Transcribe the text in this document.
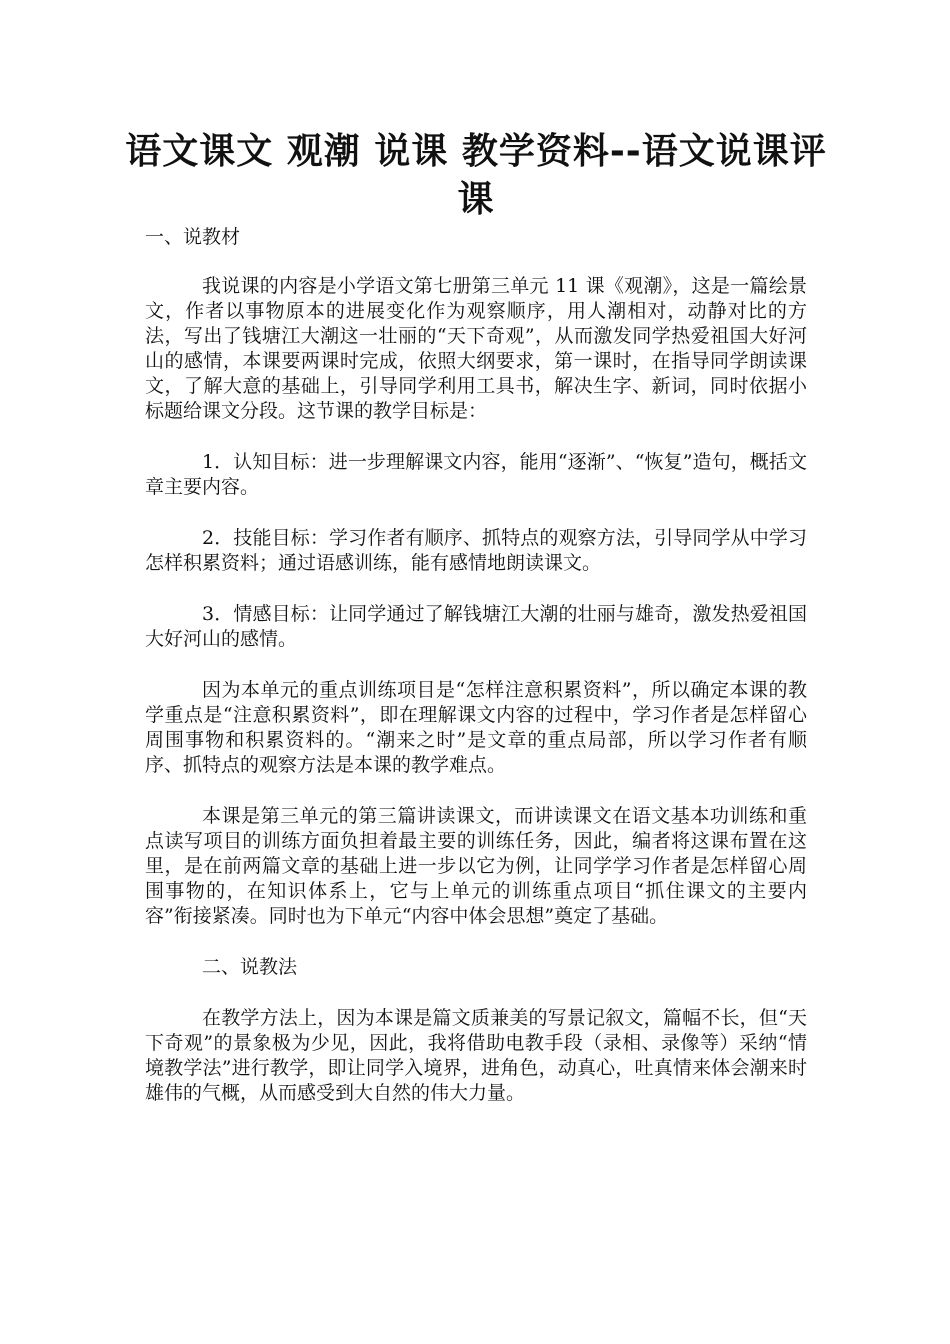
语文课文 观潮 说课 教学资料--语文说课评课
一、说教材

我说课的内容是小学语文第七册第三单元 11 课《观潮》，这是一篇绘景文，作者以事物原本的进展变化作为观察顺序，用人潮相对，动静对比的方法，写出了钱塘江大潮这一壮丽的“天下奇观”，从而激发同学热爱祖国大好河山的感情，本课要两课时完成，依照大纲要求，第一课时，在指导同学朗读课文，了解大意的基础上，引导同学利用工具书，解决生字、新词，同时依据小标题给课文分段。这节课的教学目标是：

1．认知目标：进一步理解课文内容，能用“逐渐”、“恢复”造句，概括文章主要内容。

2．技能目标：学习作者有顺序、抓特点的观察方法，引导同学从中学习怎样积累资料；通过语感训练，能有感情地朗读课文。

3．情感目标：让同学通过了解钱塘江大潮的壮丽与雄奇，激发热爱祖国大好河山的感情。

因为本单元的重点训练项目是“怎样注意积累资料”，所以确定本课的教学重点是“注意积累资料”，即在理解课文内容的过程中，学习作者是怎样留心周围事物和积累资料的。“潮来之时”是文章的重点局部，所以学习作者有顺序、抓特点的观察方法是本课的教学难点。

本课是第三单元的第三篇讲读课文，而讲读课文在语文基本功训练和重点读写项目的训练方面负担着最主要的训练任务，因此，编者将这课布置在这里，是在前两篇文章的基础上进一步以它为例，让同学学习作者是怎样留心周围事物的，在知识体系上，它与上单元的训练重点项目“抓住课文的主要内容”衔接紧凑。同时也为下单元“内容中体会思想”奠定了基础。

二、说教法

在教学方法上，因为本课是篇文质兼美的写景记叙文，篇幅不长，但“天下奇观”的景象极为少见，因此，我将借助电教手段（录相、录像等）采纳“情境教学法”进行教学，即让同学入境界，进角色，动真心，吐真情来体会潮来时雄伟的气概，从而感受到大自然的伟大力量。
